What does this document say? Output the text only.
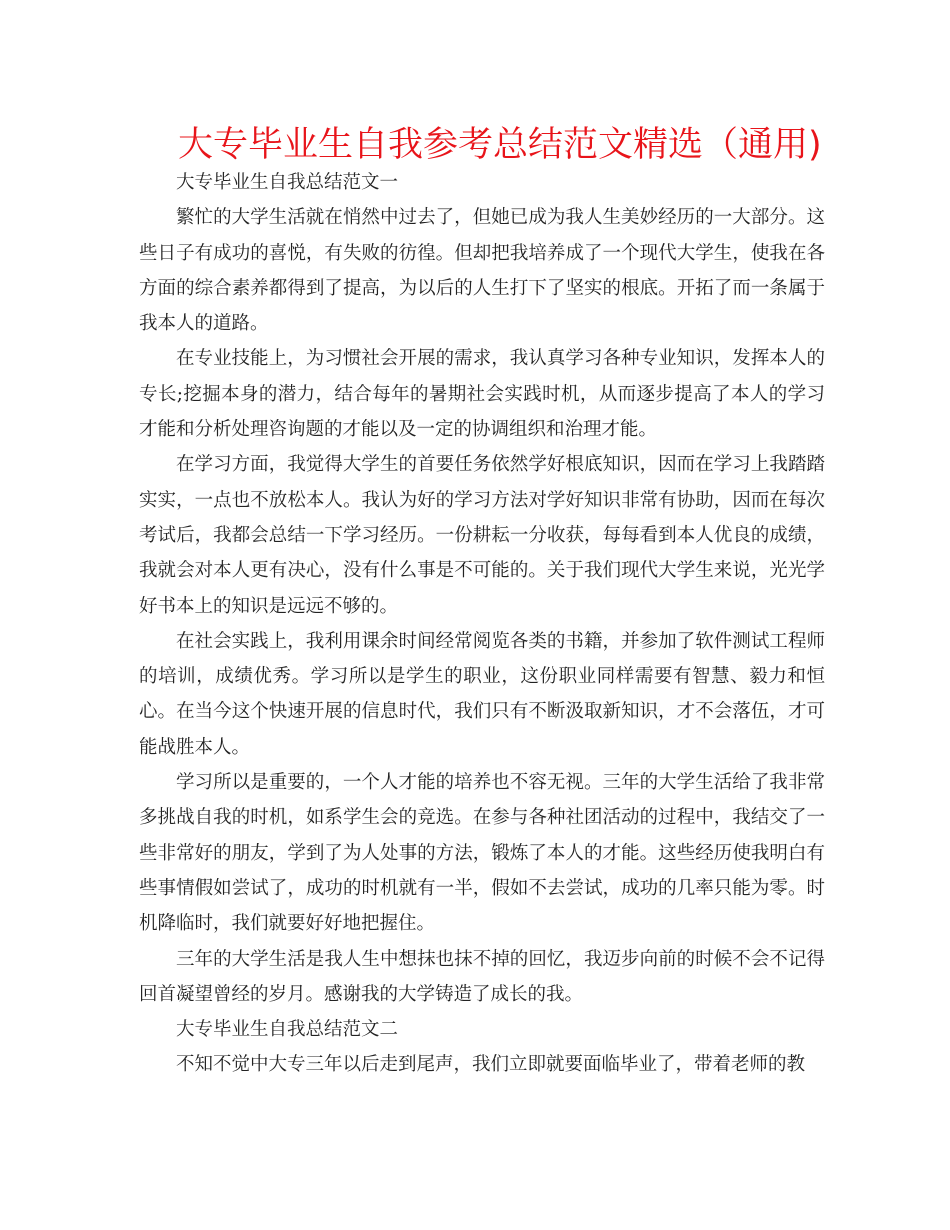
大专毕业生自我参考总结范文精选（通用)

大专毕业生自我总结范文一

繁忙的大学生活就在悄然中过去了，但她已成为我人生美妙经历的一大部分。这些日子有成功的喜悦，有失败的彷徨。但却把我培养成了一个现代大学生，使我在各方面的综合素养都得到了提高，为以后的人生打下了坚实的根底。开拓了而一条属于我本人的道路。

在专业技能上，为习惯社会开展的需求，我认真学习各种专业知识，发挥本人的专长;挖掘本身的潜力，结合每年的暑期社会实践时机，从而逐步提高了本人的学习才能和分析处理咨询题的才能以及一定的协调组织和治理才能。

在学习方面，我觉得大学生的首要任务依然学好根底知识，因而在学习上我踏踏实实，一点也不放松本人。我认为好的学习方法对学好知识非常有协助，因而在每次考试后，我都会总结一下学习经历。一份耕耘一分收获，每每看到本人优良的成绩，我就会对本人更有决心，没有什么事是不可能的。关于我们现代大学生来说，光光学好书本上的知识是远远不够的。

在社会实践上，我利用课余时间经常阅览各类的书籍，并参加了软件测试工程师的培训，成绩优秀。学习所以是学生的职业，这份职业同样需要有智慧、毅力和恒心。在当今这个快速开展的信息时代，我们只有不断汲取新知识，才不会落伍，才可能战胜本人。

学习所以是重要的，一个人才能的培养也不容无视。三年的大学生活给了我非常多挑战自我的时机，如系学生会的竞选。在参与各种社团活动的过程中，我结交了一些非常好的朋友，学到了为人处事的方法，锻炼了本人的才能。这些经历使我明白有些事情假如尝试了，成功的时机就有一半，假如不去尝试，成功的几率只能为零。时机降临时，我们就要好好地把握住。

三年的大学生活是我人生中想抹也抹不掉的回忆，我迈步向前的时候不会不记得回首凝望曾经的岁月。感谢我的大学铸造了成长的我。

大专毕业生自我总结范文二

不知不觉中大专三年以后走到尾声，我们立即就要面临毕业了，带着老师的教
